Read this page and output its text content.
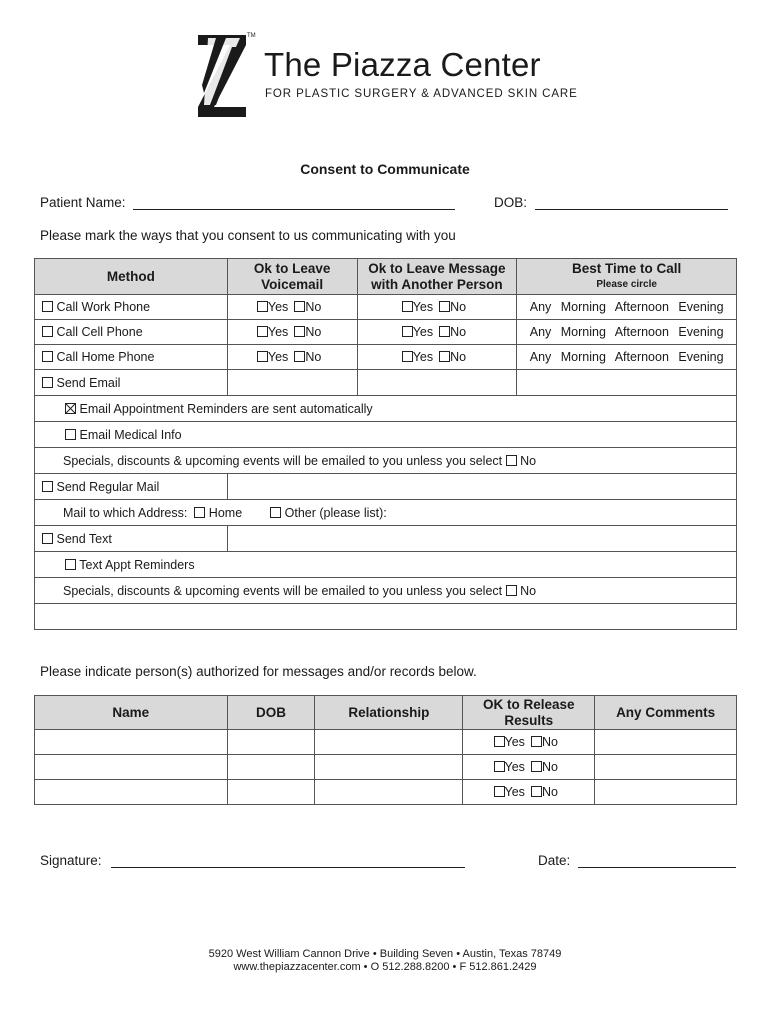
TM
The Piazza Center
FOR PLASTIC SURGERY & ADVANCED SKIN CARE
Consent to Communicate
Patient Name:	DOB:
Please mark the ways that you consent to us communicating with you
Method	Ok to Leave Voicemail	Ok to Leave Message with Another Person	Best Time to Call
Please circle

Call Work Phone	Yes No	Yes No	Any Morning Afternoon Evening
Call Cell Phone	Yes No	Yes No	Any Morning Afternoon Evening
Call Home Phone	Yes No	Yes No	Any Morning Afternoon Evening
Send Email			
Email Appointment Reminders are sent automatically			
Email Medical Info			
Specials, discounts & upcoming events will be emailed to you unless you select No			
Send Regular Mail			
Mail to which Address: Home Other (please list):			
Send Text			
Text Appt Reminders			
Specials, discounts & upcoming events will be emailed to you unless you select No			

Please indicate person(s) authorized for messages and/or records below.
Name	DOB	Relationship	OK to Release Results	Any Comments
			Yes No	
			Yes No	
			Yes No	
Signature:	Date:
5920 West William Cannon Drive • Building Seven • Austin, Texas 78749
www.thepiazzacenter.com • O 512.288.8200 • F 512.861.2429
